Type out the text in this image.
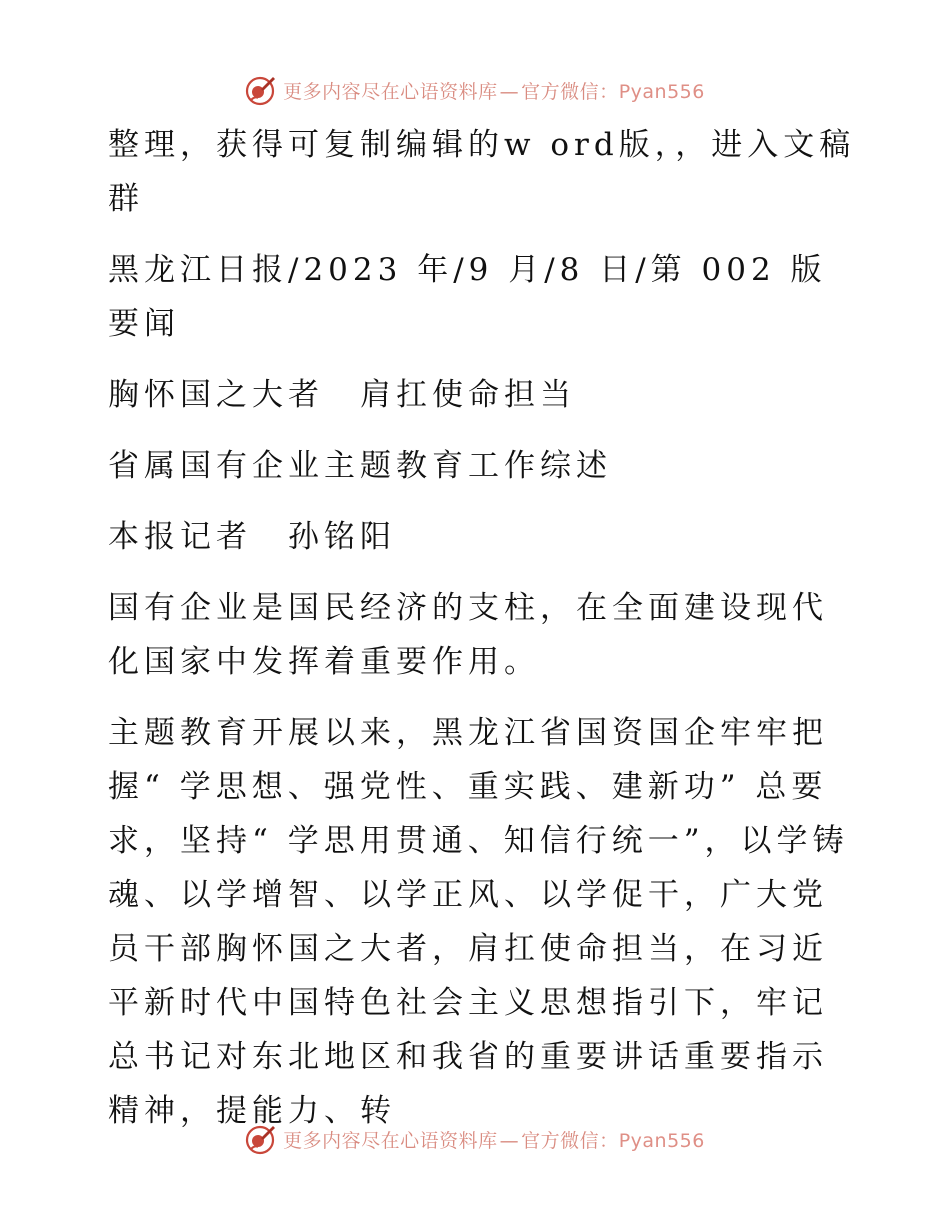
更多内容尽在心语资料库 — 官方微信：Pyan556

整理，获得可复制编辑的w ord版，，进入文稿群

黑龙江日报/2023 年/9 月/8 日/第 002 版要闻

胸怀国之大者　肩扛使命担当

省属国有企业主题教育工作综述

本报记者　孙铭阳

国有企业是国民经济的支柱，在全面建设现代化国家中发挥着重要作用。

主题教育开展以来，黑龙江省国资国企牢牢把握“ 学思想、强党性、重实践、建新功” 总要求，坚持“ 学思用贯通、知信行统一”，以学铸魂、以学增智、以学正风、以学促干，广大党员干部胸怀国之大者，肩扛使命担当，在习近平新时代中国特色社会主义思想指引下，牢记总书记对东北地区和我省的重要讲话重要指示精神，提能力、转

更多内容尽在心语资料库 — 官方微信：Pyan556
